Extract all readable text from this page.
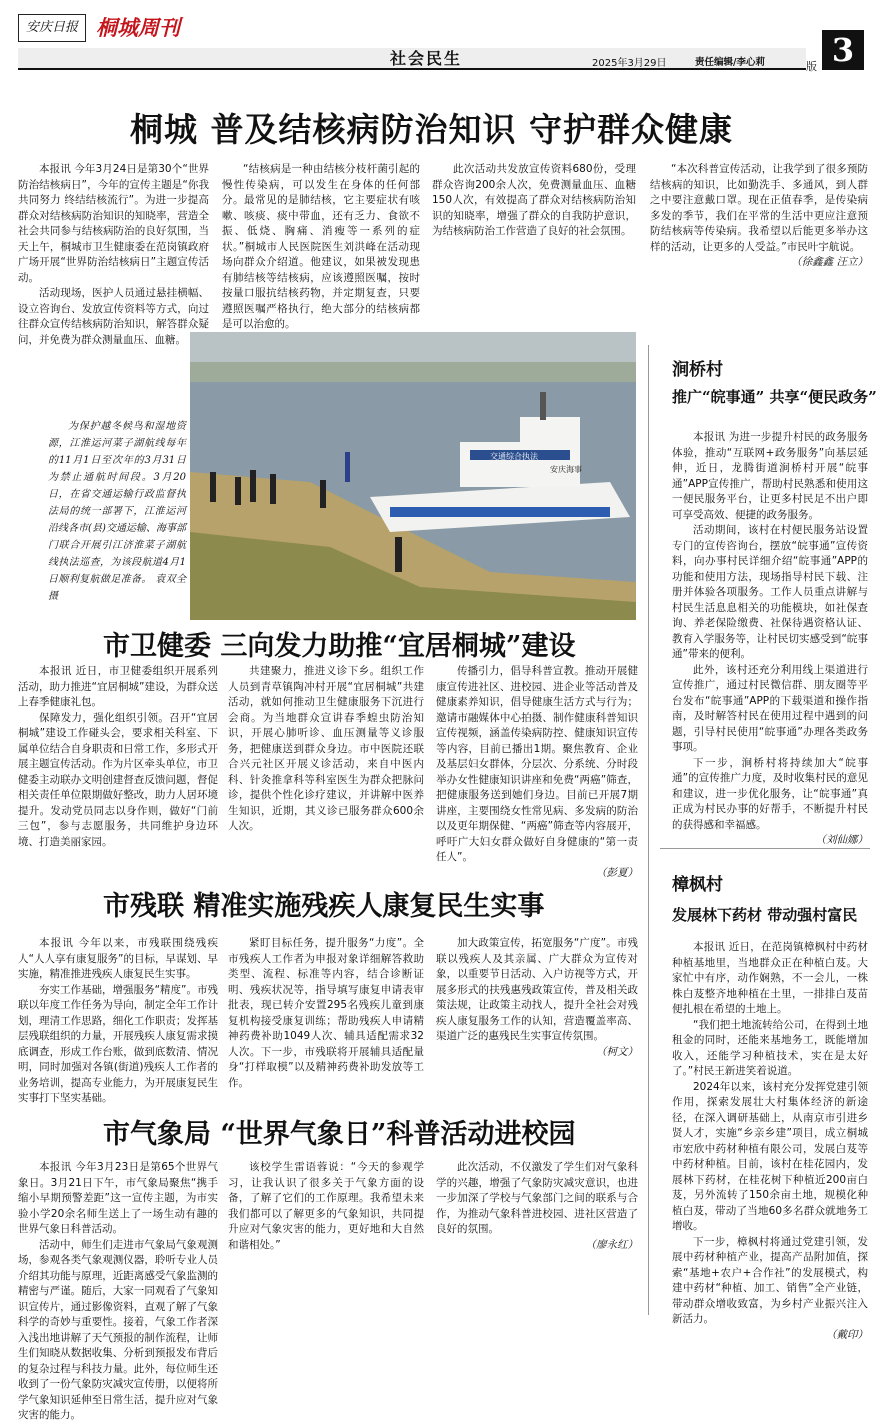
安庆日报 桐城周刊
社会民生	2025年3月29日	责任编辑/李心莉	3
版
桐城 普及结核病防治知识 守护群众健康

本报讯 今年3月24日是第30个“世界防治结核病日”，今年的宣传主题是“你我共同努力 终结结核流行”。为进一步提高群众对结核病防治知识的知晓率，营造全社会共同参与结核病防治的良好氛围，当天上午，桐城市卫生健康委在范岗镇政府广场开展“世界防治结核病日”主题宣传活动。

活动现场，医护人员通过悬挂横幅、设立咨询台、发放宣传资料等方式，向过往群众宣传结核病防治知识，解答群众疑问，并免费为群众测量血压、血糖。

“结核病是一种由结核分枝杆菌引起的慢性传染病，可以发生在身体的任何部分。最常见的是肺结核，它主要症状有咳嗽、咳痰、痰中带血，还有乏力、食欲不振、低烧、胸痛、消瘦等一系列的症状。”桐城市人民医院医生刘洪峰在活动现场向群众介绍道。他建议，如果被发现患有肺结核等结核病，应该遵照医嘱，按时按量口服抗结核药物，并定期复查，只要遵照医嘱严格执行，绝大部分的结核病都是可以治愈的。

此次活动共发放宣传资料680份，受理群众咨询200余人次，免费测量血压、血糖150人次，有效提高了群众对结核病防治知识的知晓率，增强了群众的自我防护意识，为结核病防治工作营造了良好的社会氛围。

“本次科普宣传活动，让我学到了很多预防结核病的知识，比如勤洗手、多通风，到人群之中要注意戴口罩。现在正值春季，是传染病多发的季节，我们在平常的生活中更应注意预防结核病等传染病。我希望以后能更多举办这样的活动，让更多的人受益。”市民叶宇航说。

（徐鑫鑫 汪立）
交通综合执法
安庆海事

为保护越冬候鸟和湿地资源，江淮运河菜子湖航线每年的11月1日至次年的3月31日为禁止通航时间段。3月20日，在省交通运输行政监督执法局的统一部署下，江淮运河沿线各市(县)交通运输、海事部门联合开展引江济淮菜子湖航线执法巡查，为该段航道4月1日顺利复航做足准备。 袁双全 摄

市卫健委 三向发力助推“宜居桐城”建设

本报讯 近日，市卫健委组织开展系列活动，助力推进“宜居桐城”建设，为群众送上春季健康礼包。

保障发力，强化组织引领。召开“宜居桐城”建设工作碰头会，要求相关科室、下属单位结合自身职责和日常工作，多形式开展主题宣传活动。作为片区牵头单位，市卫健委主动联办文明创建督查反馈问题，督促相关责任单位限期做好整改，助力人居环境提升。发动党员同志以身作则，做好“门前三包”，参与志愿服务，共同维护身边环境、打造美丽家园。

共建聚力，推进义诊下乡。组织工作人员到青草镇陶冲村开展“宜居桐城”共建活动，就如何推动卫生健康服务下沉进行会商。为当地群众宣讲春季蝗虫防治知识，开展心肺听诊、血压测量等义诊服务，把健康送到群众身边。市中医院还联合兴元社区开展义诊活动，来自中医内科、针灸推拿科等科室医生为群众把脉问诊，提供个性化诊疗建议，并讲解中医养生知识，近期，其义诊已服务群众600余人次。

传播引力，倡导科普宣教。推动开展健康宣传进社区、进校园、进企业等活动普及健康素养知识，倡导健康生活方式与行为；邀请市融媒体中心拍摄、制作健康科普知识宣传视频，涵盖传染病防控、健康知识宣传等内容，目前已播出1期。聚焦教育、企业及基层妇女群体，分层次、分系统、分时段举办女性健康知识讲座和免费“两癌”筛查，把健康服务送到她们身边。目前已开展7期讲座，主要围绕女性常见病、多发病的防治以及更年期保健、“两癌”筛查等内容展开，呼吁广大妇女群众做好自身健康的“第一责任人”。

（彭夏）
市残联 精准实施残疾人康复民生实事

本报讯 今年以来，市残联围绕残疾人“人人享有康复服务”的目标，早谋划、早实施，精准推进残疾人康复民生实事。

夯实工作基础，增强服务“精度”。市残联以年度工作任务为导向，制定全年工作计划，理清工作思路，细化工作职责；发挥基层残联组织的力量，开展残疾人康复需求摸底调查，形成工作台账，做到底数清、情况明，同时加强对各镇(街道)残疾人工作者的业务培训，提高专业能力，为开展康复民生实事打下坚实基础。

紧盯目标任务，提升服务“力度”。全市残疾人工作者为申报对象详细解答救助类型、流程、标准等内容，结合诊断证明、残疾状况等，指导填写康复申请表审批表，现已转介安置295名残疾儿童到康复机构接受康复训练；帮助残疾人申请精神药费补助1049人次、辅具适配需求32人次。下一步，市残联将开展辅具适配量身“打样取模”以及精神药费补助发放等工作。

加大政策宣传，拓宽服务“广度”。市残联以残疾人及其亲属、广大群众为宣传对象，以重要节日活动、入户访视等方式，开展多形式的扶残惠残政策宣传，普及相关政策法规，让政策主动找人，提升全社会对残疾人康复服务工作的认知，营造覆盖率高、渠道广泛的惠残民生实事宣传氛围。

（柯文）
市气象局 “世界气象日”科普活动进校园

本报讯 今年3月23日是第65个世界气象日。3月21日下午，市气象局聚焦“携手缩小早期预警差距”这一宣传主题，为市实验小学20余名师生送上了一场生动有趣的世界气象日科普活动。

活动中，师生们走进市气象局气象观测场，参观各类气象观测仪器，聆听专业人员介绍其功能与原理，近距离感受气象监测的精密与严谨。随后，大家一同观看了气象知识宣传片，通过影像资料，直观了解了气象科学的奇妙与重要性。接着，气象工作者深入浅出地讲解了天气预报的制作流程，让师生们知晓从数据收集、分析到预报发布背后的复杂过程与科技力量。此外，每位师生还收到了一份气象防灾减灾宣传册，以便将所学气象知识延伸至日常生活，提升应对气象灾害的能力。

该校学生雷语蓉说：“今天的参观学习，让我认识了很多关于气象方面的设备，了解了它们的工作原理。我希望未来我们都可以了解更多的气象知识，共同提升应对气象灾害的能力，更好地和大自然和谐相处。”

此次活动，不仅激发了学生们对气象科学的兴趣，增强了气象防灾减灾意识，也进一步加深了学校与气象部门之间的联系与合作，为推动气象科普进校园、进社区营造了良好的氛围。

（廖永红）
涧桥村
推广“皖事通” 共享“便民政务”

本报讯 为进一步提升村民的政务服务体验，推动“互联网+政务服务”向基层延伸，近日，龙腾街道涧桥村开展“皖事通”APP宣传推广，帮助村民熟悉和使用这一便民服务平台，让更多村民足不出户即可享受高效、便捷的政务服务。

活动期间，该村在村便民服务站设置专门的宣传咨询台，摆放“皖事通”宣传资料，向办事村民详细介绍“皖事通”APP的功能和使用方法，现场指导村民下载、注册并体验各项服务。工作人员重点讲解与村民生活息息相关的功能模块，如社保查询、养老保险缴费、社保待遇资格认证、教育入学服务等，让村民切实感受到“皖事通”带来的便利。

此外，该村还充分利用线上渠道进行宣传推广，通过村民微信群、朋友圈等平台发布“皖事通”APP的下载渠道和操作指南，及时解答村民在使用过程中遇到的问题，引导村民使用“皖事通”办理各类政务事项。

下一步，涧桥村将持续加大“皖事通”的宣传推广力度，及时收集村民的意见和建议，进一步优化服务，让“皖事通”真正成为村民办事的好帮手，不断提升村民的获得感和幸福感。

（刘仙娜）
樟枫村
发展林下药材 带动强村富民

本报讯 近日，在范岗镇樟枫村中药材种植基地里，当地群众正在种植白芨。大家忙中有序，动作娴熟，不一会儿，一株株白芨整齐地种植在土里，一排排白芨苗便扎根在希望的土地上。

“我们把土地流转给公司，在得到土地租金的同时，还能来基地务工，既能增加收入，还能学习种植技术，实在是太好了。”村民王新进笑着说道。

2024年以来，该村充分发挥党建引领作用，探索发展壮大村集体经济的新途径，在深入调研基础上，从南京市引进乡贤人才，实施“乡亲乡建”项目，成立桐城市宏欣中药材种植有限公司，发展白芨等中药材种植。目前，该村在桂花园内，发展林下药材，在桂花树下种植近200亩白芨，另外流转了150余亩土地，规模化种植白芨，带动了当地60多名群众就地务工增收。

下一步，樟枫村将通过党建引领，发展中药材种植产业，提高产品附加值，探索“基地+农户+合作社”的发展模式，构建中药材“种植、加工、销售”全产业链，带动群众增收致富，为乡村产业振兴注入新活力。

（戴印）
